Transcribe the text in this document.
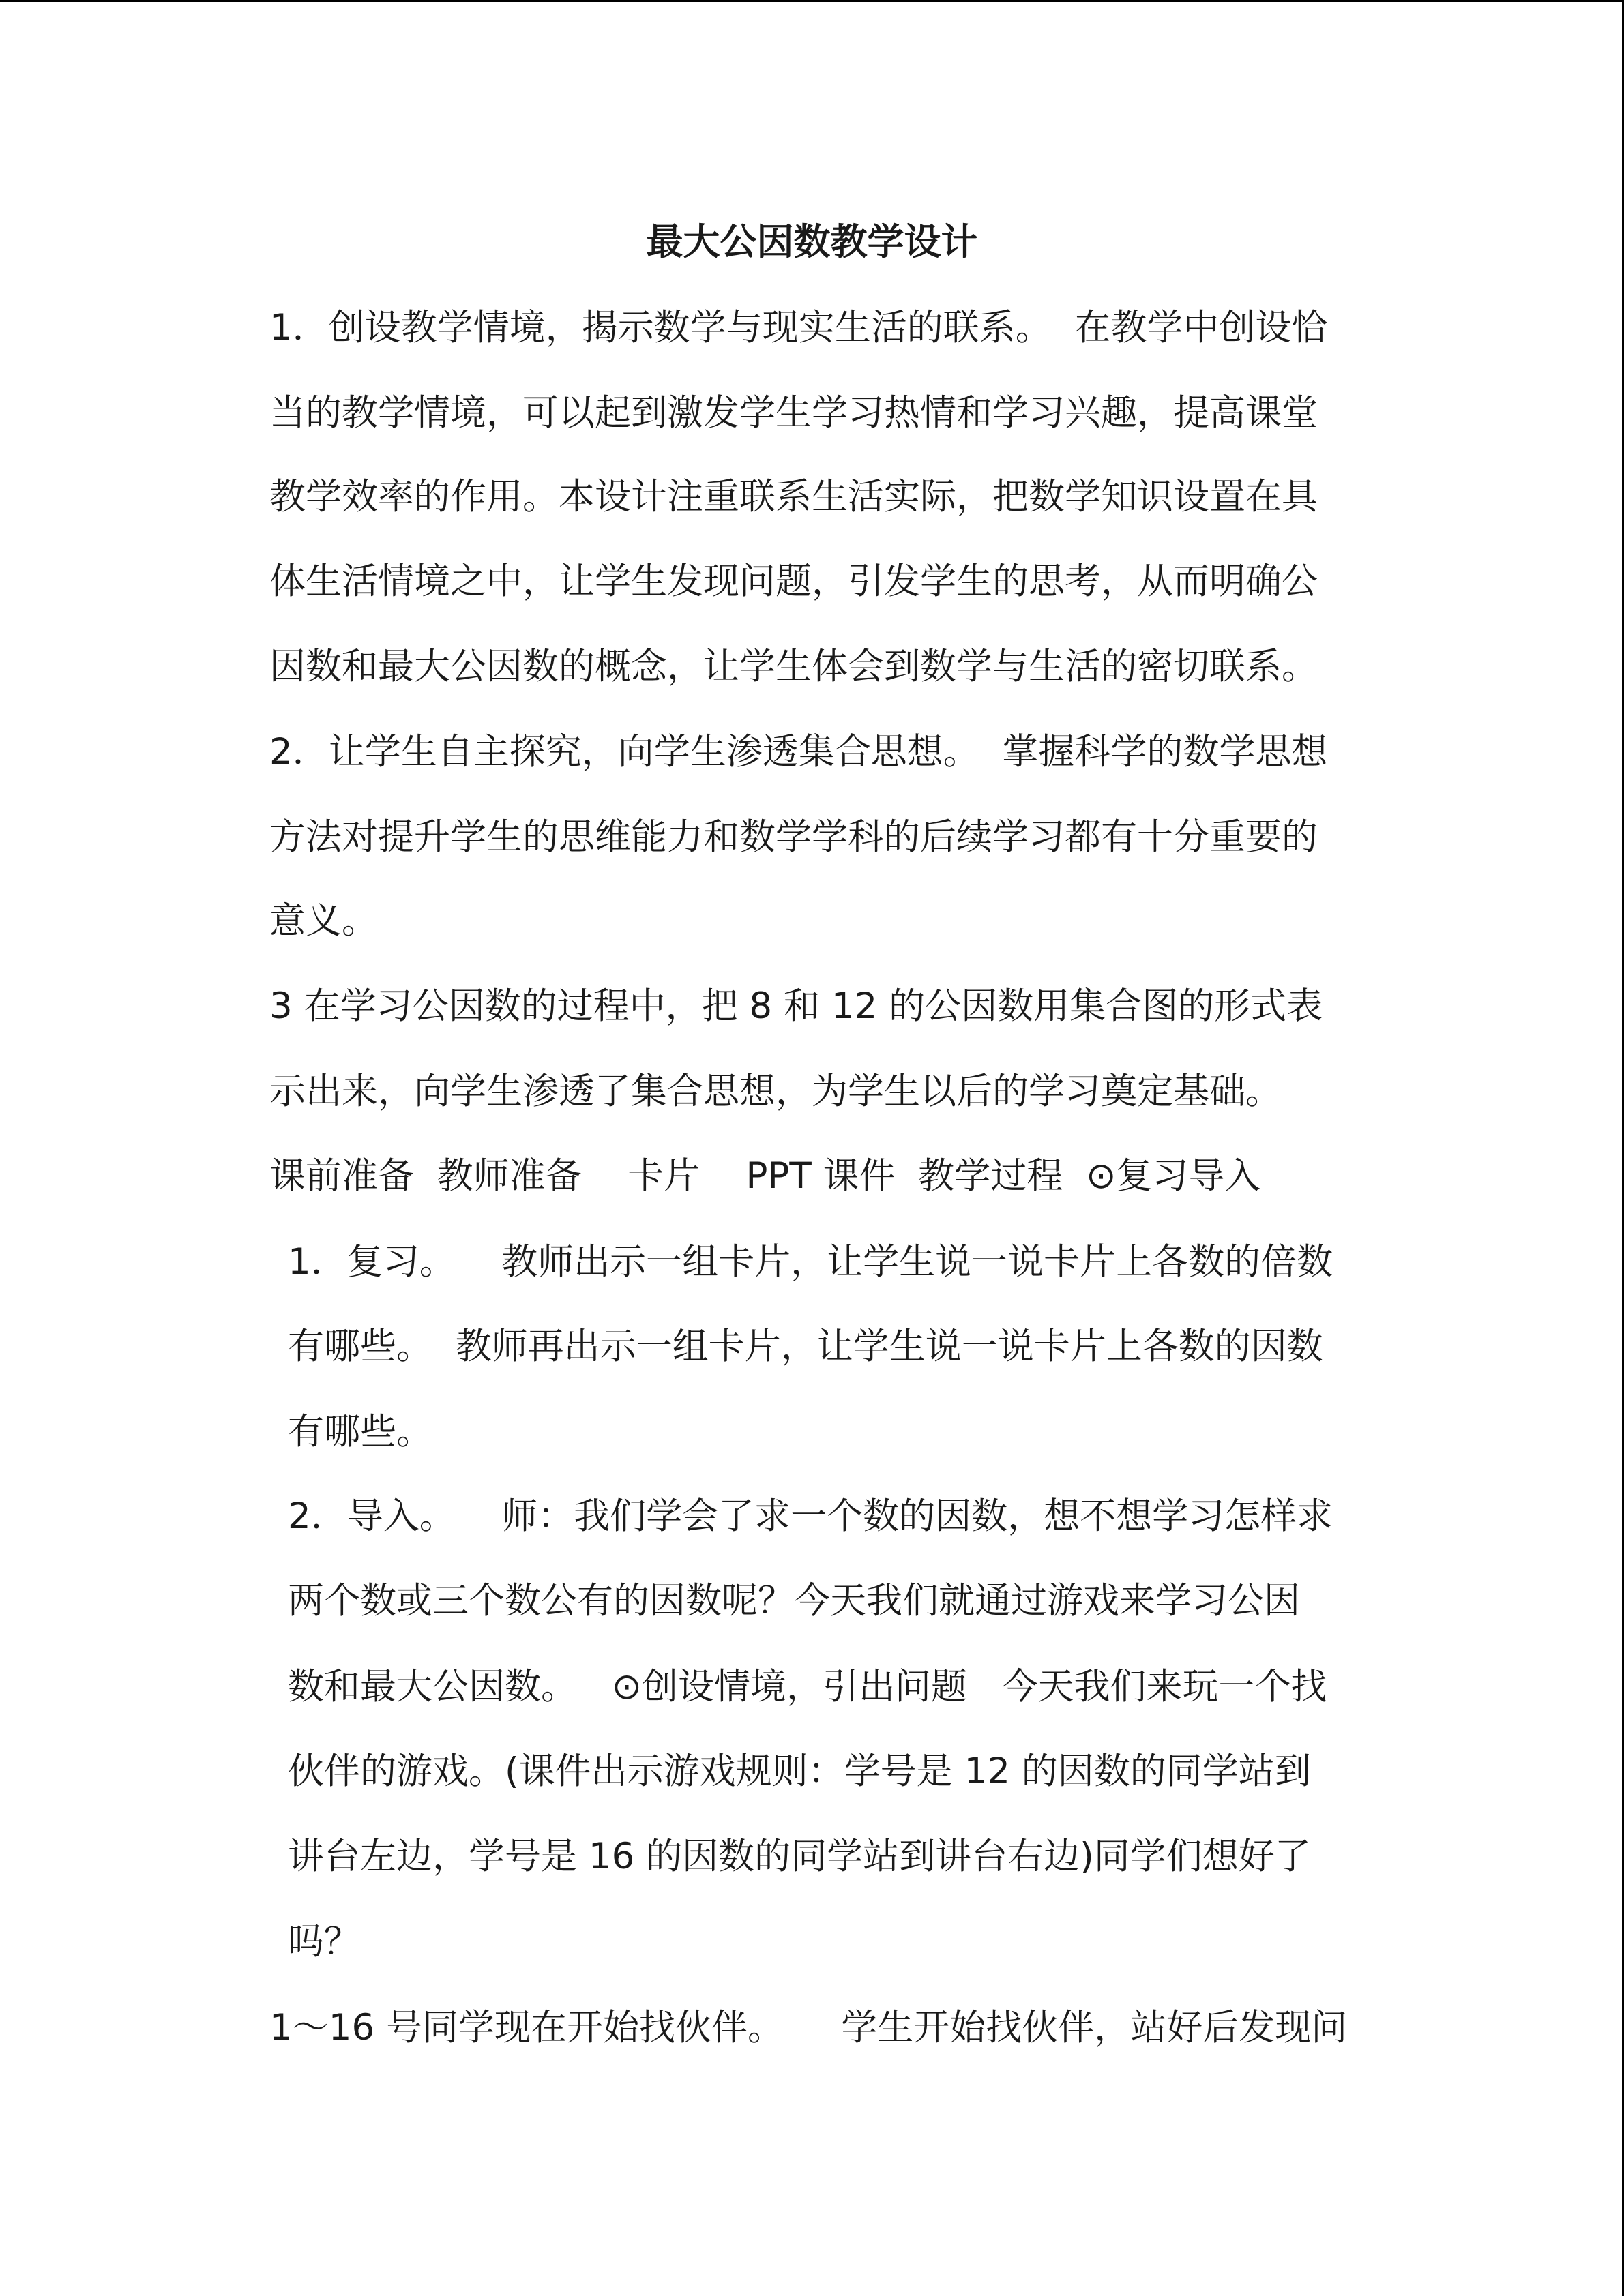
最大公因数教学设计

1．创设教学情境，揭示数学与现实生活的联系。  在教学中创设恰

当的教学情境，可以起到激发学生学习热情和学习兴趣，提高课堂

教学效率的作用。本设计注重联系生活实际，把数学知识设置在具

体生活情境之中，让学生发现问题，引发学生的思考，从而明确公

因数和最大公因数的概念，让学生体会到数学与生活的密切联系。

2．让学生自主探究，向学生渗透集合思想。  掌握科学的数学思想

方法对提升学生的思维能力和数学学科的后续学习都有十分重要的

意义。

3 在学习公因数的过程中，把 8 和 12 的公因数用集合图的形式表

示出来，向学生渗透了集合思想，为学生以后的学习奠定基础。

课前准备  教师准备    卡片    PPT 课件  教学过程  ⊙复习导入

1．复习。    教师出示一组卡片，让学生说一说卡片上各数的倍数

有哪些。  教师再出示一组卡片，让学生说一说卡片上各数的因数

有哪些。

2．导入。    师：我们学会了求一个数的因数，想不想学习怎样求

两个数或三个数公有的因数呢？今天我们就通过游戏来学习公因

数和最大公因数。   ⊙创设情境，引出问题   今天我们来玩一个找

伙伴的游戏。(课件出示游戏规则：学号是 12 的因数的同学站到

讲台左边，学号是 16 的因数的同学站到讲台右边)同学们想好了

吗？

1～16 号同学现在开始找伙伴。     学生开始找伙伴，站好后发现问
